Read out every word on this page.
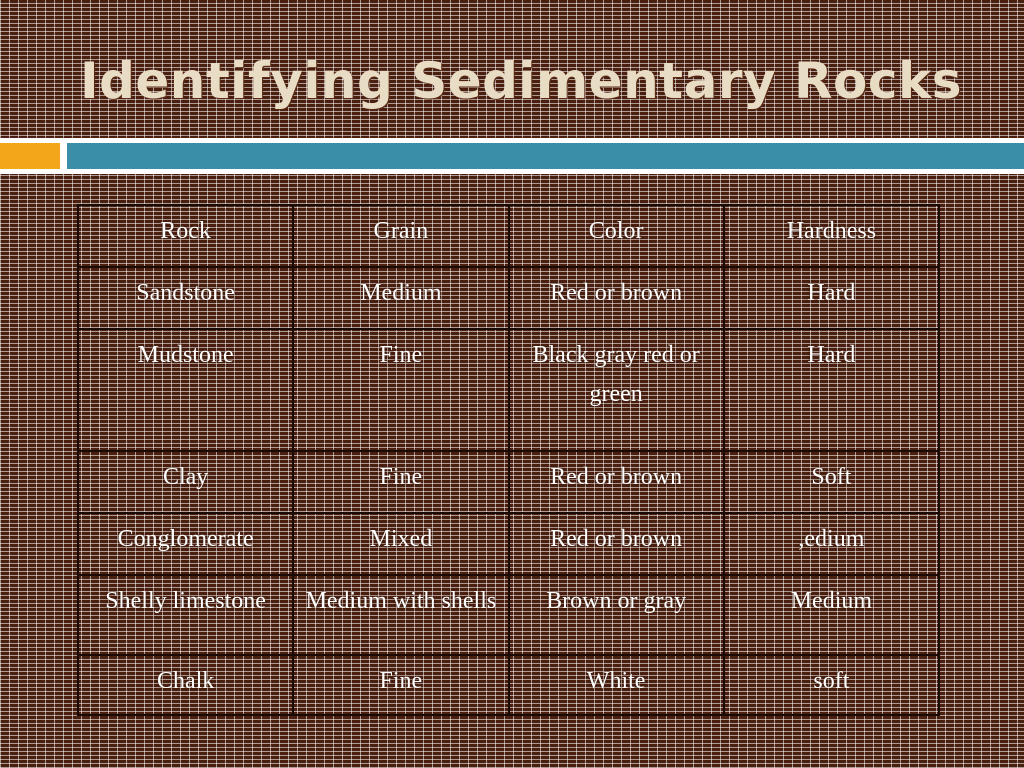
Identifying Sedimentary Rocks
Rock	Grain	Color	Hardness
Sandstone	Medium	Red or brown	Hard
Mudstone	Fine	Black gray red or green	Hard
Clay	Fine	Red or brown	Soft
Conglomerate	Mixed	Red or brown	,edium
Shelly limestone	Medium with shells	Brown or gray	Medium
Chalk	Fine	White	soft
